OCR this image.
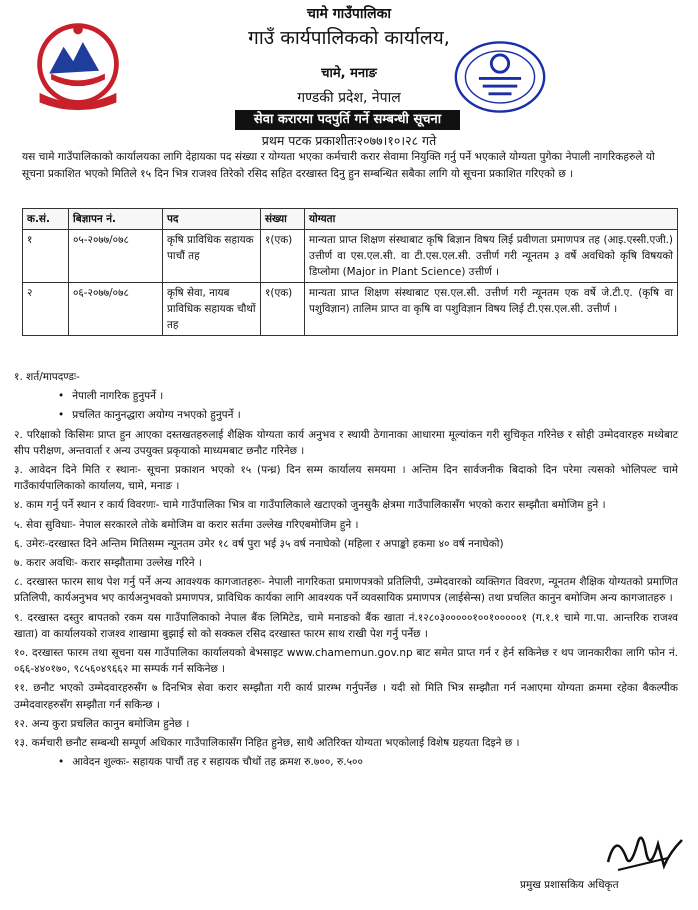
चामे गाउँपालिका
गाउँ कार्यपालिकको कार्यालय,
चामे, मनाङ
गण्डकी प्रदेश, नेपाल
सेवा करारमा पदपुर्ति गर्ने सम्बन्धी सूचना
प्रथम पटक प्रकाशीतः२०७७।१०।२८ गते
यस चामे गाउँपालिकाको कार्यालयका लागि देहायका पद संख्या र योग्यता भएका कर्मचारी करार सेवामा नियुक्ति गर्नु पर्ने भएकाले योग्यता पुगेका नेपाली नागरिकहरुले यो सूचना प्रकाशित भएको मितिले १५ दिन भित्र राजश्व तिरेको रसिद सहित दरखास्त दिनु हुन सम्बन्धित सबैका लागि यो सूचना प्रकाशित गरिएको छ ।
क.सं.	बिज्ञापन नं.	पद	संख्या	योग्यता
१	०५-२०७७/०७८	कृषि प्राविधिक सहायक पाचौं तह	१(एक)	मान्यता प्राप्त शिक्षण संस्थाबाट कृषि बिज्ञान विषय लिई प्रवीणता प्रमाणपत्र तह (आइ.एस्सी.एजी.) उत्तीर्ण वा एस.एल.सी. वा टी.एस.एल.सी. उत्तीर्ण गरी न्यूनतम ३ वर्षे अवधिको कृषि विषयको डिप्लोमा (Major in Plant Science) उत्तीर्ण ।
२	०६-२०७७/०७८	कृषि सेवा, नायब प्राविधिक सहायक चौथों तह	१(एक)	मान्यता प्राप्त शिक्षण संस्थाबाट एस.एल.सी. उत्तीर्ण गरी न्यूनतम एक वर्षे जे.टी.ए. (कृषि वा पशुविज्ञान) तालिम प्राप्त वा कृषि वा पशुविज्ञान विषय लिई टी.एस.एल.सी. उत्तीर्ण ।
१. शर्त/मापदण्डः-
• नेपाली नागरिक हुनुपर्ने ।
• प्रचलित कानुनद्धारा अयोग्य नभएको हुनुपर्ने ।
२. परिक्षाको किसिमः प्राप्त हुन आएका दस्तखतहरुलाई शैक्षिक योग्यता कार्य अनुभव र स्थायी ठेगानाका आधारमा मूल्यांकन गरी सुचिकृत गरिनेछ र सोही उम्मेदवारहरु मध्येबाट सीप परीक्षण, अन्तवार्ता र अन्य उपयुक्त प्रकृयाको माध्यमबाट छनौट गरिनेछ ।
३. आवेदन दिने मिति र स्थानः- सूचना प्रकाशन भएको १५ (पन्ध्र) दिन सम्म कार्यालय समयमा । अन्तिम दिन सार्वजनीक बिदाको दिन परेमा त्यसको भोलिपल्ट चामे गाउँकार्यपालिकाको कार्यालय, चामे, मनाङ ।
४. काम गर्नु पर्ने स्थान र कार्य विवरणः- चामे गाउँपालिका भित्र वा गाउँपालिकाले खटाएको जुनसुकै क्षेत्रमा गाउँपालिकासँग भएको करार सम्झौता बमोजिम हुने ।
५. सेवा सुविधाः- नेपाल सरकारले तोके बमोजिम वा करार सर्तमा उल्लेख गरिएबमोजिम हुने ।
६. उमेरः-दरखास्त दिने अन्तिम मितिसम्म न्यूनतम उमेर १८ वर्ष पुरा भई ३५ वर्ष ननाघेको (महिला र अपाङ्को हकमा ४० वर्ष ननाघेको)
७. करार अवधिः- करार सम्झौतामा उल्लेख गरिने ।
८. दरखास्त फारम साथ पेश गर्नु पर्ने अन्य आवश्यक कागजातहरुः- नेपाली नागरिकता प्रमाणपत्रको प्रतिलिपी, उम्मेदवारको व्यक्तिगत विवरण, न्यूनतम शैक्षिक योग्यतको प्रमाणित प्रतिलिपी, कार्यअनुभव भए कार्यअनुभवको प्रमाणपत्र, प्राविधिक कार्यका लागि आवश्यक पर्ने व्यवसायिक प्रमाणपत्र (लाईसेन्स) तथा प्रचलित कानुन बमोजिम अन्य कागजातहरु ।
९. दरखास्त दस्तुर बापतको रकम यस गाउँपालिकाको नेपाल बैंक लिमिटेड, चामे मनाङको बैंक खाता नं.१२८०३०००००१००१०००००१ (ग.१.१ चामे गा.पा. आन्तरिक राजश्व खाता) वा कार्यालयको राजश्व शाखामा बुझाई सो को सक्कल रसिद दरखास्त फारम साथ राखी पेश गर्नु पर्नेछ ।
१०. दरखास्त फारम तथा सूचना यस गाउँपालिका कार्यालयको बेभसाइट www.chamemun.gov.np बाट समेत प्राप्त गर्न र हेर्न सकिनेछ र थप जानकारीका लागि फोन नं. ०६६-४४०१७०, ९८५६०४९६६२ मा सम्पर्क गर्न सकिनेछ ।
११. छनौट भएको उम्मेदवारहरुसँग ७ दिनभित्र सेवा करार सम्झौता गरी कार्य प्रारम्भ गर्नुपर्नेछ । यदी सो मिति भित्र सम्झौता गर्न नआएमा योग्यता क्रममा रहेका बैकल्पीक उम्मेदवारहरुसँग सम्झौता गर्न सकिन्छ ।
१२. अन्य कुरा प्रचलित कानुन बमोजिम हुनेछ ।
१३. कर्मचारी छनौट सम्बन्धी सम्पूर्ण अधिकार गाउँपालिकासँग निहित हुनेछ, साथै अतिरिक्त योग्यता भएकोलाई विशेष ग्रहयता दिइने छ ।
• आवेदन शुल्कः- सहायक पाचौं तह र सहायक चौथों तह क्रमश रु.७००, रु.५००
प्रमुख प्रशासकिय अधिकृत
